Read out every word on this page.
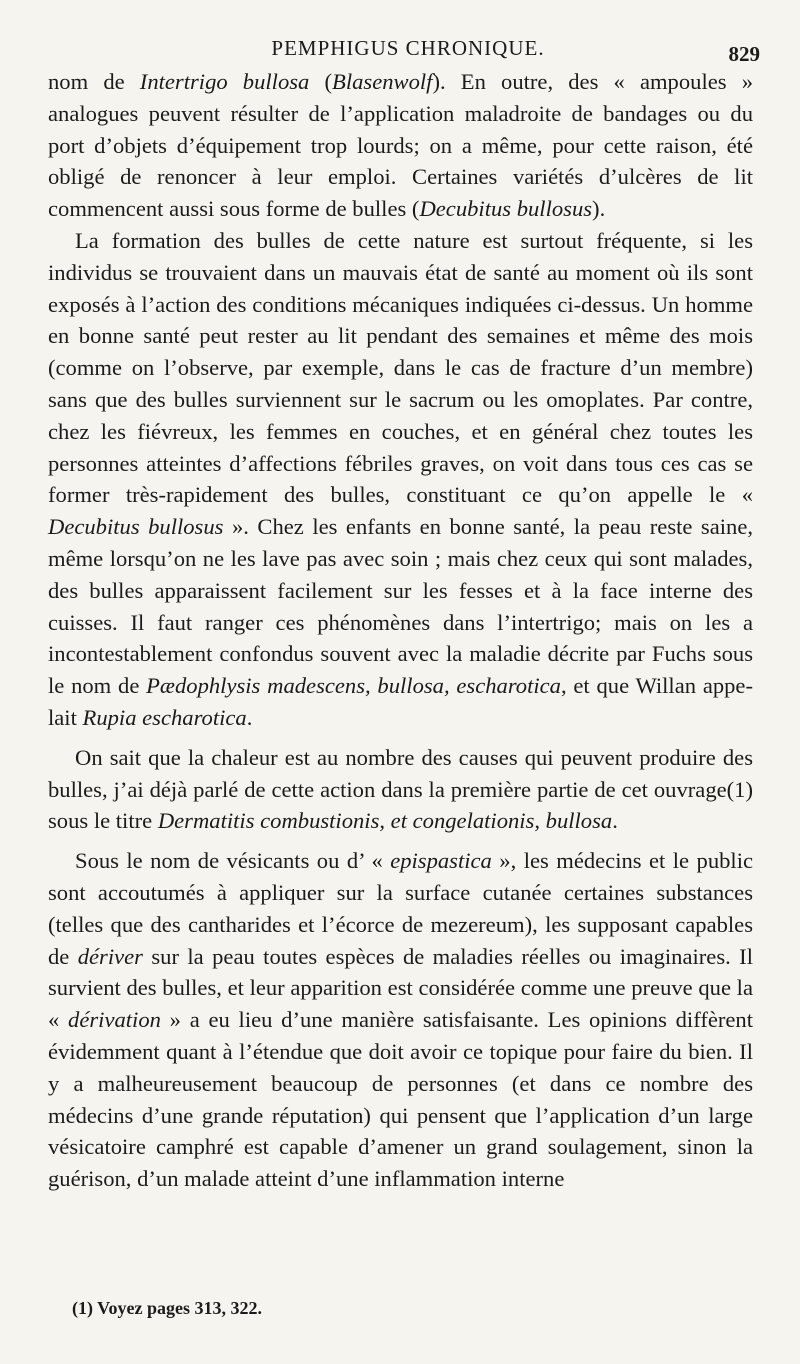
PEMPHIGUS CHRONIQUE.	829

nom de Intertrigo bullosa (Blasenwolf). En outre, des « ampoules » analogues peuvent résulter de l’application maladroite de bandages ou du port d’objets d’équipement trop lourds; on a même, pour cette raison, été obligé de renoncer à leur emploi. Certaines variétés d’ulcères de lit commencent aussi sous forme de bulles (Decubitus bullosus).

La formation des bulles de cette nature est surtout fréquente, si les individus se trouvaient dans un mauvais état de santé au moment où ils sont exposés à l’action des conditions mécaniques indiquées ci-dessus. Un homme en bonne santé peut rester au lit pendant des semaines et même des mois (comme on l’observe, par exemple, dans le cas de fracture d’un membre) sans que des bulles surviennent sur le sacrum ou les omoplates. Par contre, chez les fiévreux, les femmes en couches, et en général chez toutes les personnes atteintes d’affections fébriles graves, on voit dans tous ces cas se former très-rapidement des bulles, constituant ce qu’on appelle le « Decubitus bullosus ». Chez les enfants en bonne santé, la peau reste saine, même lorsqu’on ne les lave pas avec soin ; mais chez ceux qui sont malades, des bulles apparaissent facilement sur les fesses et à la face interne des cuisses. Il faut ranger ces phénomènes dans l’intertrigo; mais on les a incontestablement confondus souvent avec la maladie décrite par Fuchs sous le nom de Pædophlysis madescens, bullosa, escharotica, et que Willan appelait Rupia escharotica.

On sait que la chaleur est au nombre des causes qui peuvent produire des bulles, j’ai déjà parlé de cette action dans la première partie de cet ouvrage(1) sous le titre Dermatitis combustionis, et congelationis, bullosa.

Sous le nom de vésicants ou d’ « epispastica », les médecins et le public sont accoutumés à appliquer sur la surface cutanée certaines substances (telles que des cantharides et l’écorce de mezereum), les supposant capables de dériver sur la peau toutes espèces de maladies réelles ou imaginaires. Il survient des bulles, et leur apparition est considérée comme une preuve que la « dérivation » a eu lieu d’une manière satisfaisante. Les opinions diffèrent évidemment quant à l’étendue que doit avoir ce topique pour faire du bien. Il y a malheureusement beaucoup de personnes (et dans ce nombre des médecins d’une grande réputation) qui pensent que l’application d’un large vésicatoire camphré est capable d’amener un grand soulagement, sinon la guérison, d’un malade atteint d’une inflammation interne

(1) Voyez pages 313, 322.
